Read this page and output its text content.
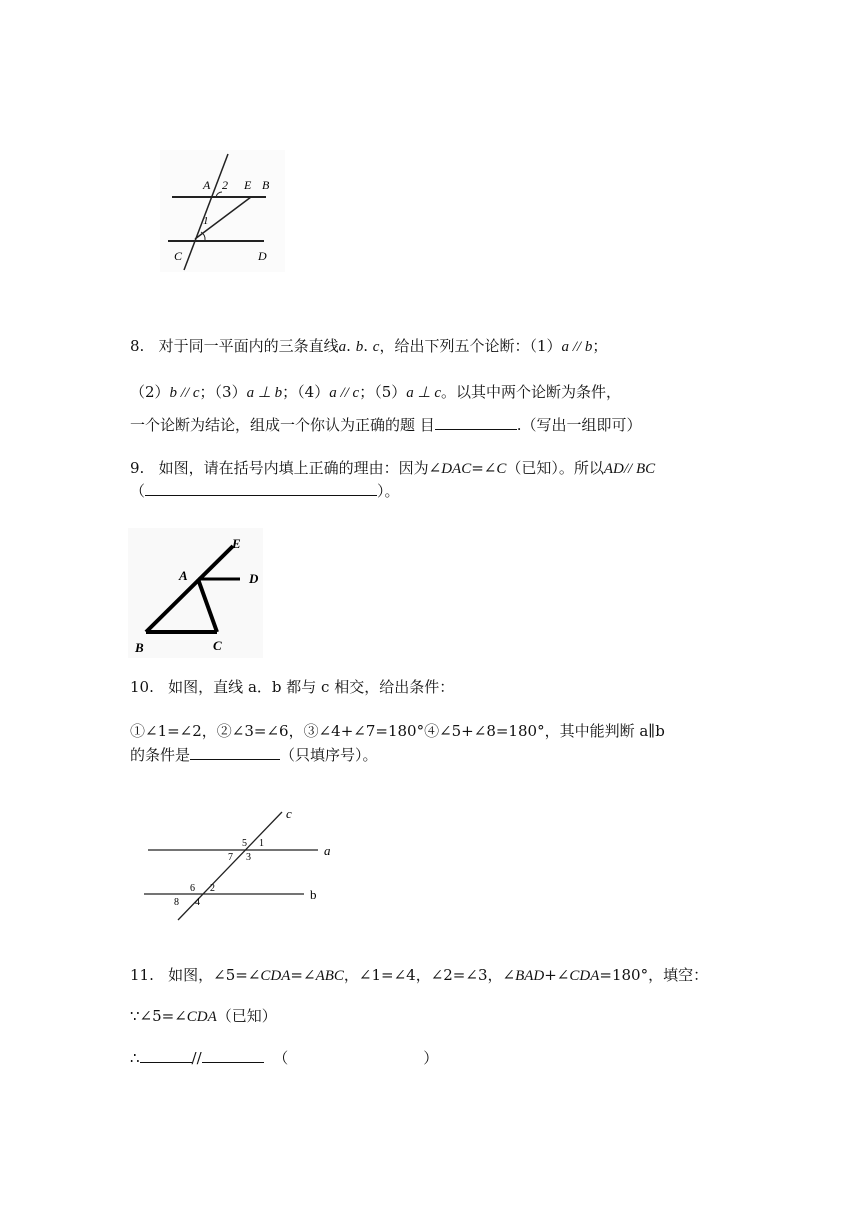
A 2 E B
1
C	D
8. 对于同一平面内的三条直线a. b. c，给出下列五个论断：（1）a // b；
（2）b // c；（3）a ⊥ b；（4）a // c；（5）a ⊥ c。以其中两个论断为条件，
一个论断为结论，组成一个你认为正确的题 目	.（写出一组即可）
9. 如图，请在括号内填上正确的理由：因为∠DAC=∠C（已知）。所以AD// BC
（	）。
E
A	D
B	C
10. 如图，直线 a．b 都与 c 相交，给出条件：
①∠1=∠2，②∠3=∠6，③∠4+∠7=180°④∠5+∠8=180°，其中能判断 a∥b
的条件是	（只填序号）。
c
5 1
7 3	a
6 2	b
8 4
11. 如图，∠5=∠CDA=∠ABC，∠1=∠4，∠2=∠3，∠BAD+∠CDA=180°，填空：
∵∠5=∠CDA（已知）
∴	//	（	）
